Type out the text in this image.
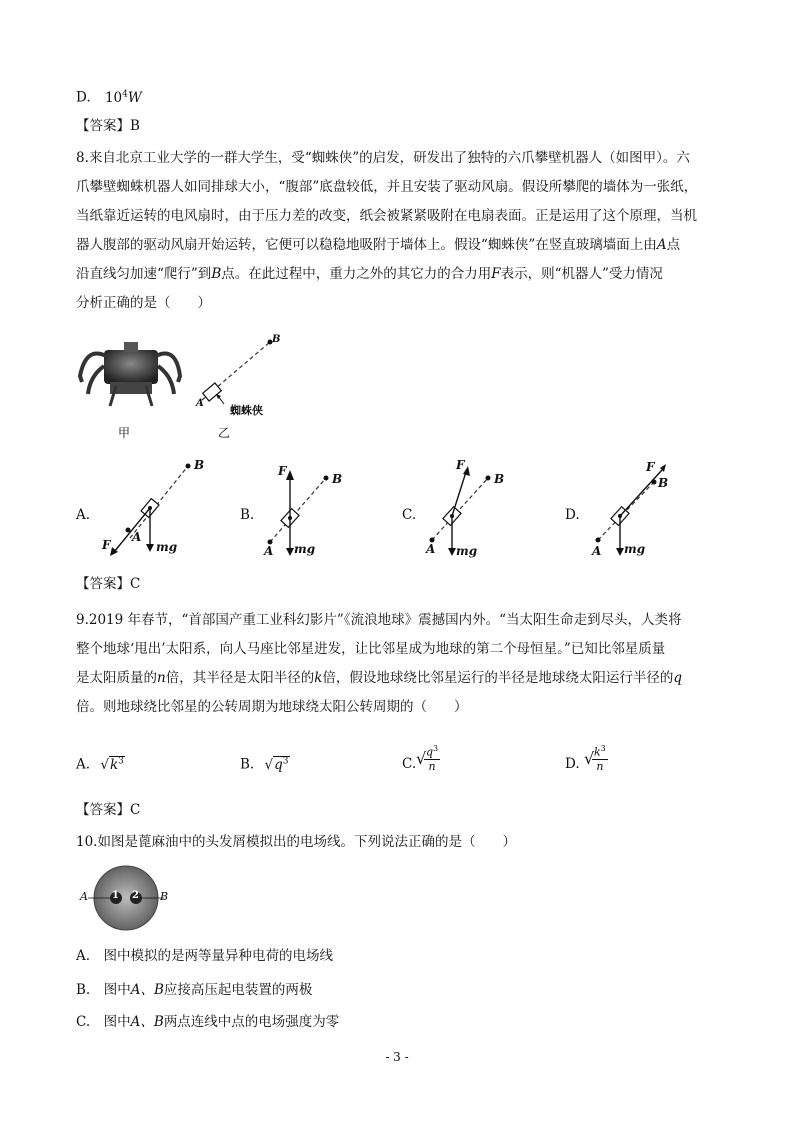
D. $10^4W$
【答案】B
8.来自北京工业大学的一群大学生，受“蜘蛛侠”的启发，研发出了独特的六爪攀壁机器人（如图甲）。六
爪攀壁蜘蛛机器人如同排球大小，“腹部”底盘较低，并且安装了驱动风扇。假设所攀爬的墙体为一张纸，
当纸靠近运转的电风扇时，由于压力差的改变，纸会被紧紧吸附在电扇表面。正是运用了这个原理，当机
器人腹部的驱动风扇开始运转，它便可以稳稳地吸附于墙体上。假设“蜘蛛侠”在竖直玻璃墙面上由A点
沿直线匀加速“爬行”到B点。在此过程中，重力之外的其它力的合力用F表示，则“机器人”受力情况
分析正确的是（　　）
甲
B
A
蜘蛛侠
乙
A.
B
A
F	mg
B.
F
B
A mg
C.
F
B
A mg
D.
F
B
A mg
【答案】C
9.2019 年春节，“首部国产重工业科幻影片”《流浪地球》震撼国内外。“当太阳生命走到尽头，人类将
整个地球‘甩出’太阳系，向人马座比邻星进发，让比邻星成为地球的第二个母恒星。”已知比邻星质量
是太阳质量的n倍，其半径是太阳半径的k倍，假设地球绕比邻星运行的半径是地球绕太阳运行半径的q
倍。则地球绕比邻星的公转周期为地球绕太阳公转周期的（　　）
A. $√k^3$	B. $√q^3$	C. √ $q^3$
n	D. √ $k^3$
n
【答案】C
10.如图是蓖麻油中的头发屑模拟出的电场线。下列说法正确的是（　　）
A	B
1 2
A.　图中模拟的是两等量异种电荷的电场线
B.　图中A、B应接高压起电装置的两极
C.　图中A、B两点连线中点的电场强度为零
- 3 -
